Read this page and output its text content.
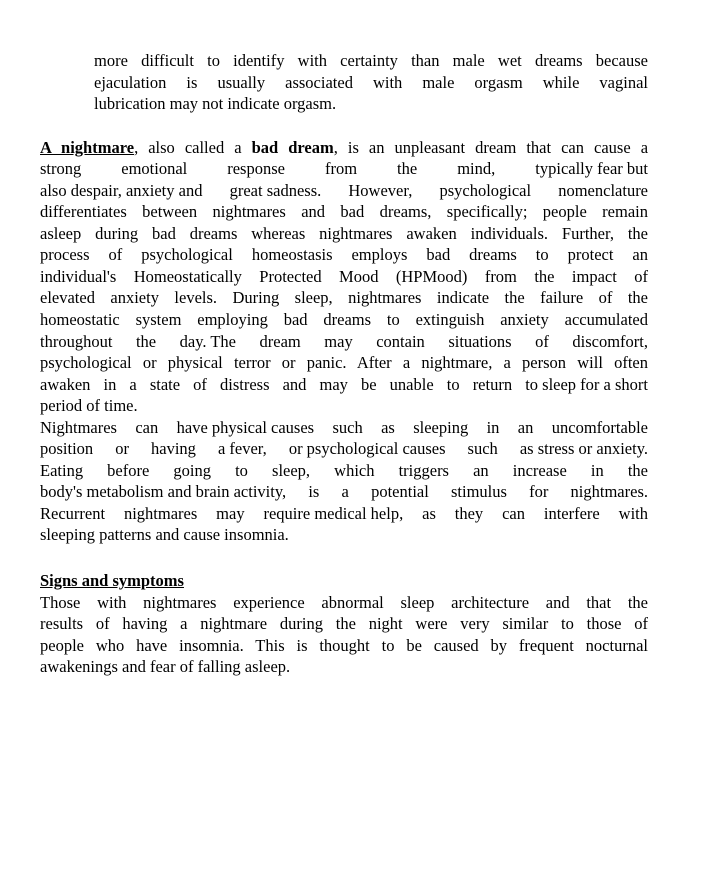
more difficult to identify with certainty than male wet dreams because
ejaculation is usually associated with male orgasm while vaginal
lubrication may not indicate orgasm.
A nightmare, also called a bad dream, is an unpleasant dream that can cause a
strong emotional response from the mind, typically fear but
also despair, anxiety and great sadness. However, psychological nomenclature
differentiates between nightmares and bad dreams, specifically; people remain
asleep during bad dreams whereas nightmares awaken individuals. Further, the
process of psychological homeostasis employs bad dreams to protect an
individual's Homeostatically Protected Mood (HPMood) from the impact of
elevated anxiety levels. During sleep, nightmares indicate the failure of the
homeostatic system employing bad dreams to extinguish anxiety accumulated
throughout the day. The dream may contain situations of discomfort,
psychological or physical terror or panic. After a nightmare, a person will often
awaken in a state of distress and may be unable to return to sleep for a short
period of time.
Nightmares can have physical causes such as sleeping in an uncomfortable
position or having a fever, or psychological causes such as stress or anxiety.
Eating before going to sleep, which triggers an increase in the
body's metabolism and brain activity, is a potential stimulus for nightmares.
Recurrent nightmares may require medical help, as they can interfere with
sleeping patterns and cause insomnia.
Signs and symptoms
Those with nightmares experience abnormal sleep architecture and that the
results of having a nightmare during the night were very similar to those of
people who have insomnia. This is thought to be caused by frequent nocturnal
awakenings and fear of falling asleep.
